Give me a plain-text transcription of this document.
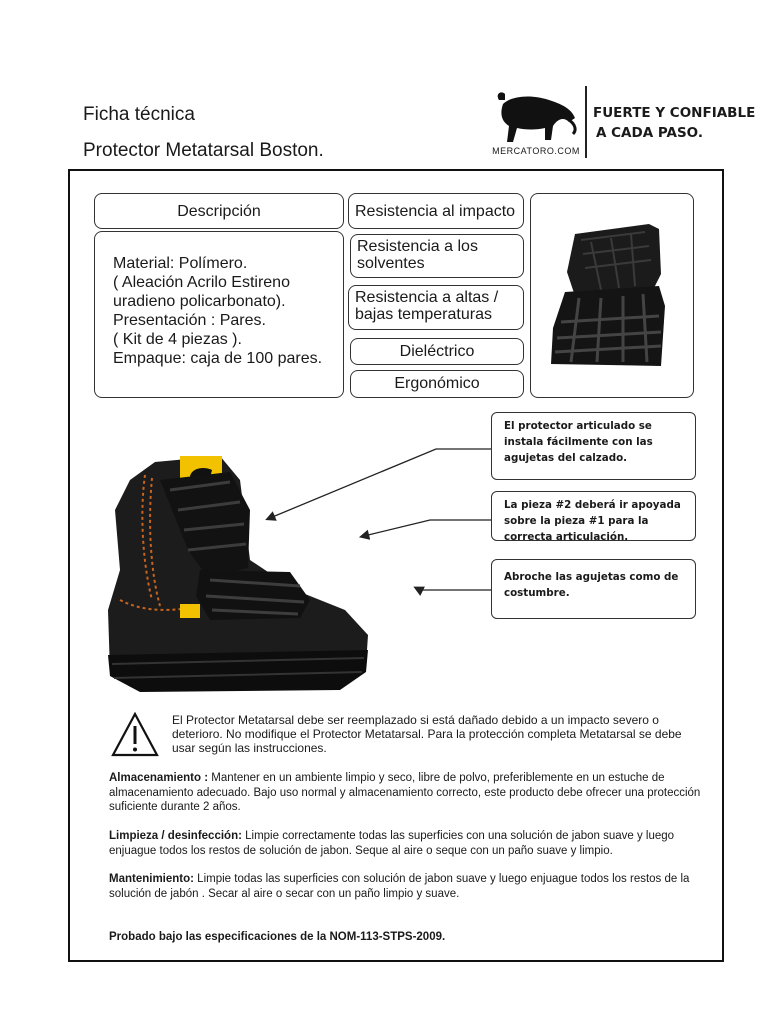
Ficha técnica
Protector Metatarsal Boston.	MERCATORO.COM
FUERTE Y CONFIABLE
A CADA PASO.
Descripción
Material: Polímero.
( Aleación Acrilo Estireno
uradieno policarbonato).
Presentación : Pares.
( Kit de 4 piezas ).
Empaque: caja de 100 pares.
Resistencia al impacto
Resistencia a los
solventes
Resistencia a altas /
bajas temperaturas
Dieléctrico
Ergonómico
El protector articulado se instala fácilmente con las agujetas del calzado.
La pieza #2 deberá ir apoyada sobre la pieza #1 para la correcta articulación.
Abroche las agujetas como de costumbre.
El Protector Metatarsal debe ser reemplazado si está dañado debido a un impacto severo o deterioro. No modifique el Protector Metatarsal. Para la protección completa Metatarsal se debe usar según las instrucciones.
Almacenamiento : Mantener en un ambiente limpio y seco, libre de polvo, preferiblemente en un estuche de almacenamiento adecuado. Bajo uso normal y almacenamiento correcto, este producto debe ofrecer una protección suficiente durante 2 años.
Limpieza / desinfección: Limpie correctamente todas las superficies con una solución de jabon suave y luego enjuague todos los restos de solución de jabon. Seque al aire o seque con un paño suave y limpio.
Mantenimiento: Limpie todas las superficies con solución de jabon suave y luego enjuague todos los restos de la solución de jabón . Secar al aire o secar con un paño limpio y suave.
Probado bajo las especificaciones de la NOM-113-STPS-2009.
